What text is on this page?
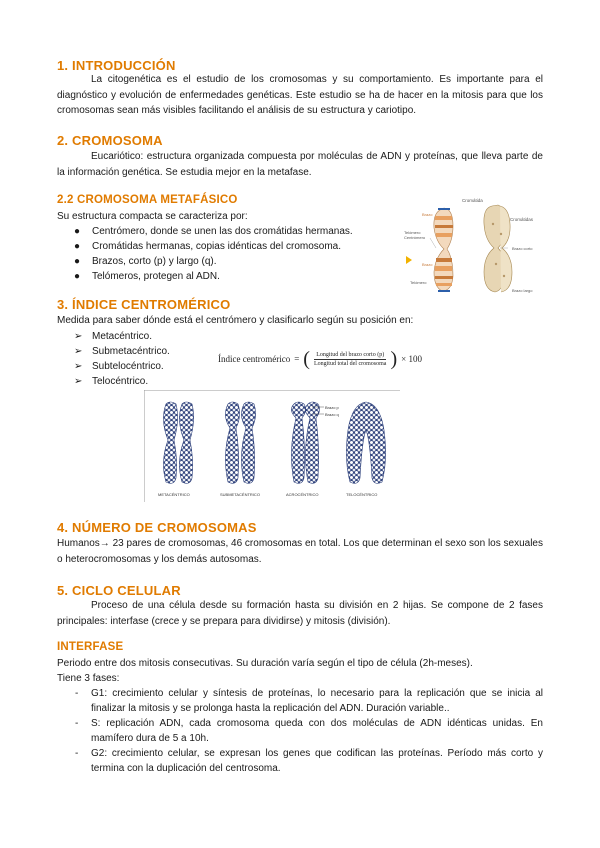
1. INTRODUCCIÓN

La citogenética es el estudio de los cromosomas y su comportamiento. Es importante para el diagnóstico y evolución de enfermedades genéticas. Este estudio se ha de hacer en la mitosis para que los cromosomas sean más visibles facilitando el análisis de su estructura y cariotipo.

2. CROMOSOMA

Eucariótico: estructura organizada compuesta por moléculas de ADN y proteínas, que lleva parte de la información genética. Se estudia mejor en la metafase.

2.2 CROMOSOMA METAFÁSICO

Su estructura compacta se caracteriza por:

● Centrómero, donde se unen las dos cromátidas hermanas.
● Cromátidas hermanas, copias idénticas del cromosoma.
● Brazos, corto (p) y largo (q).
● Telómeros, protegen al ADN.
Cromátida
Cromátidas
Telómero
Centrómero
Brazo
Brazo
Telómero
Brazo corto
Brazo largo
3. ÍNDICE CENTROMÉRICO

Medida para saber dónde está el centrómero y clasificarlo según su posición en:

➢ Metacéntrico.
➢ Submetacéntrico.
➢ Subtelocéntrico.
➢ Telocéntrico.
Índice centromérico = ( $\frac{\text{Longitud del brazo corto (p)}}{\text{Longitud total del cromosoma}}$ ) × 100
Brazo p
Brazo q
METACÉNTRICO	SUBMETACÉNTRICO	ACROCÉNTRICO	TELOCÉNTRICO
4. NÚMERO DE CROMOSOMAS

Humanos→ 23 pares de cromosomas, 46 cromosomas en total. Los que determinan el sexo son los sexuales o heterocromosomas y los demás autosomas.

5. CICLO CELULAR

Proceso de una célula desde su formación hasta su división en 2 hijas. Se compone de 2 fases principales: interfase (crece y se prepara para dividirse) y mitosis (división).

INTERFASE

Periodo entre dos mitosis consecutivas. Su duración varía según el tipo de célula (2h-meses).

Tiene 3 fases:

- G1: crecimiento celular y síntesis de proteínas, lo necesario para la replicación que se inicia al finalizar la mitosis y se prolonga hasta la replicación del ADN. Duración variable..
- S: replicación ADN, cada cromosoma queda con dos moléculas de ADN idénticas unidas. En mamífero dura de 5 a 10h.
- G2: crecimiento celular, se expresan los genes que codifican las proteínas. Período más corto y termina con la duplicación del centrosoma.
